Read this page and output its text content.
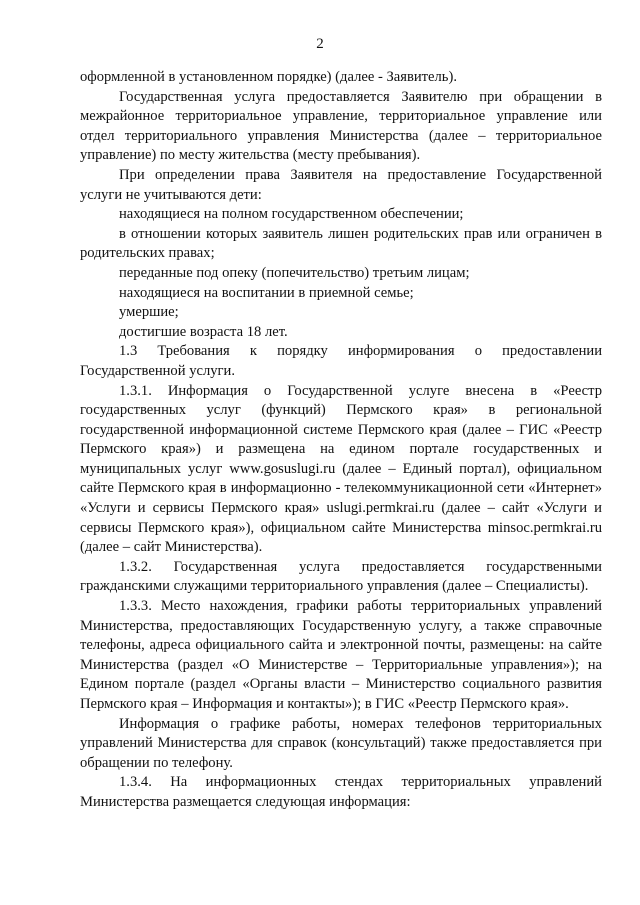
2

оформленной в установленном порядке) (далее - Заявитель).

Государственная услуга предоставляется Заявителю при обращении в межрайонное территориальное управление, территориальное управление или отдел территориального управления Министерства (далее – территориальное управление) по месту жительства (месту пребывания).

При определении права Заявителя на предоставление Государственной услуги не учитываются дети:

находящиеся на полном государственном обеспечении;

в отношении которых заявитель лишен родительских прав или ограничен в родительских правах;

переданные под опеку (попечительство) третьим лицам;

находящиеся на воспитании в приемной семье;

умершие;

достигшие возраста 18 лет.

1.3 Требования к порядку информирования о предоставлении Государственной услуги.

1.3.1. Информация о Государственной услуге внесена в «Реестр государственных услуг (функций) Пермского края» в региональной государственной информационной системе Пермского края (далее – ГИС «Реестр Пермского края») и размещена на едином портале государственных и муниципальных услуг www.gosuslugi.ru (далее – Единый портал), официальном сайте Пермского края в информационно - телекоммуникационной сети «Интернет» «Услуги и сервисы Пермского края» uslugi.permkrai.ru (далее – сайт «Услуги и сервисы Пермского края»), официальном сайте Министерства minsoc.permkrai.ru (далее – сайт Министерства).

1.3.2. Государственная услуга предоставляется государственными гражданскими служащими территориального управления (далее – Специалисты).

1.3.3. Место нахождения, графики работы территориальных управлений Министерства, предоставляющих Государственную услугу, а также справочные телефоны, адреса официального сайта и электронной почты, размещены: на сайте Министерства (раздел «О Министерстве – Территориальные управления»); на Едином портале (раздел «Органы власти – Министерство социального развития Пермского края – Информация и контакты»); в ГИС «Реестр Пермского края».

Информация о графике работы, номерах телефонов территориальных управлений Министерства для справок (консультаций) также предоставляется при обращении по телефону.

1.3.4. На информационных стендах территориальных управлений Министерства размещается следующая информация:
